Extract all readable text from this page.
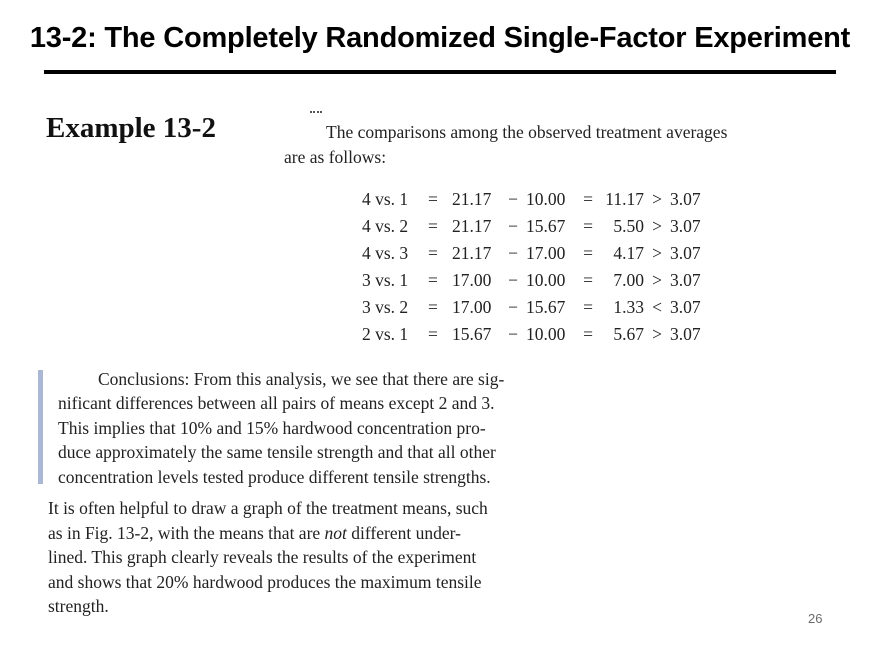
13-2: The Completely Randomized Single-Factor Experiment
Example 13-2	The comparisons among the observed treatment averages
are as follows:
4 vs. 1 = 21.17 − 10.00 = 11.17 > 3.07
4 vs. 2 = 21.17 − 15.67 = 5.50 > 3.07
4 vs. 3 = 21.17 − 17.00 = 4.17 > 3.07
3 vs. 1 = 17.00 − 10.00 = 7.00 > 3.07
3 vs. 2 = 17.00 − 15.67 = 1.33 < 3.07
2 vs. 1 = 15.67 − 10.00 = 5.67 > 3.07
Conclusions: From this analysis, we see that there are sig-
nificant differences between all pairs of means except 2 and 3.
This implies that 10% and 15% hardwood concentration pro-
duce approximately the same tensile strength and that all other
concentration levels tested produce different tensile strengths.
It is often helpful to draw a graph of the treatment means, such
as in Fig. 13-2, with the means that are not different under-
lined. This graph clearly reveals the results of the experiment
and shows that 20% hardwood produces the maximum tensile
strength.
26
